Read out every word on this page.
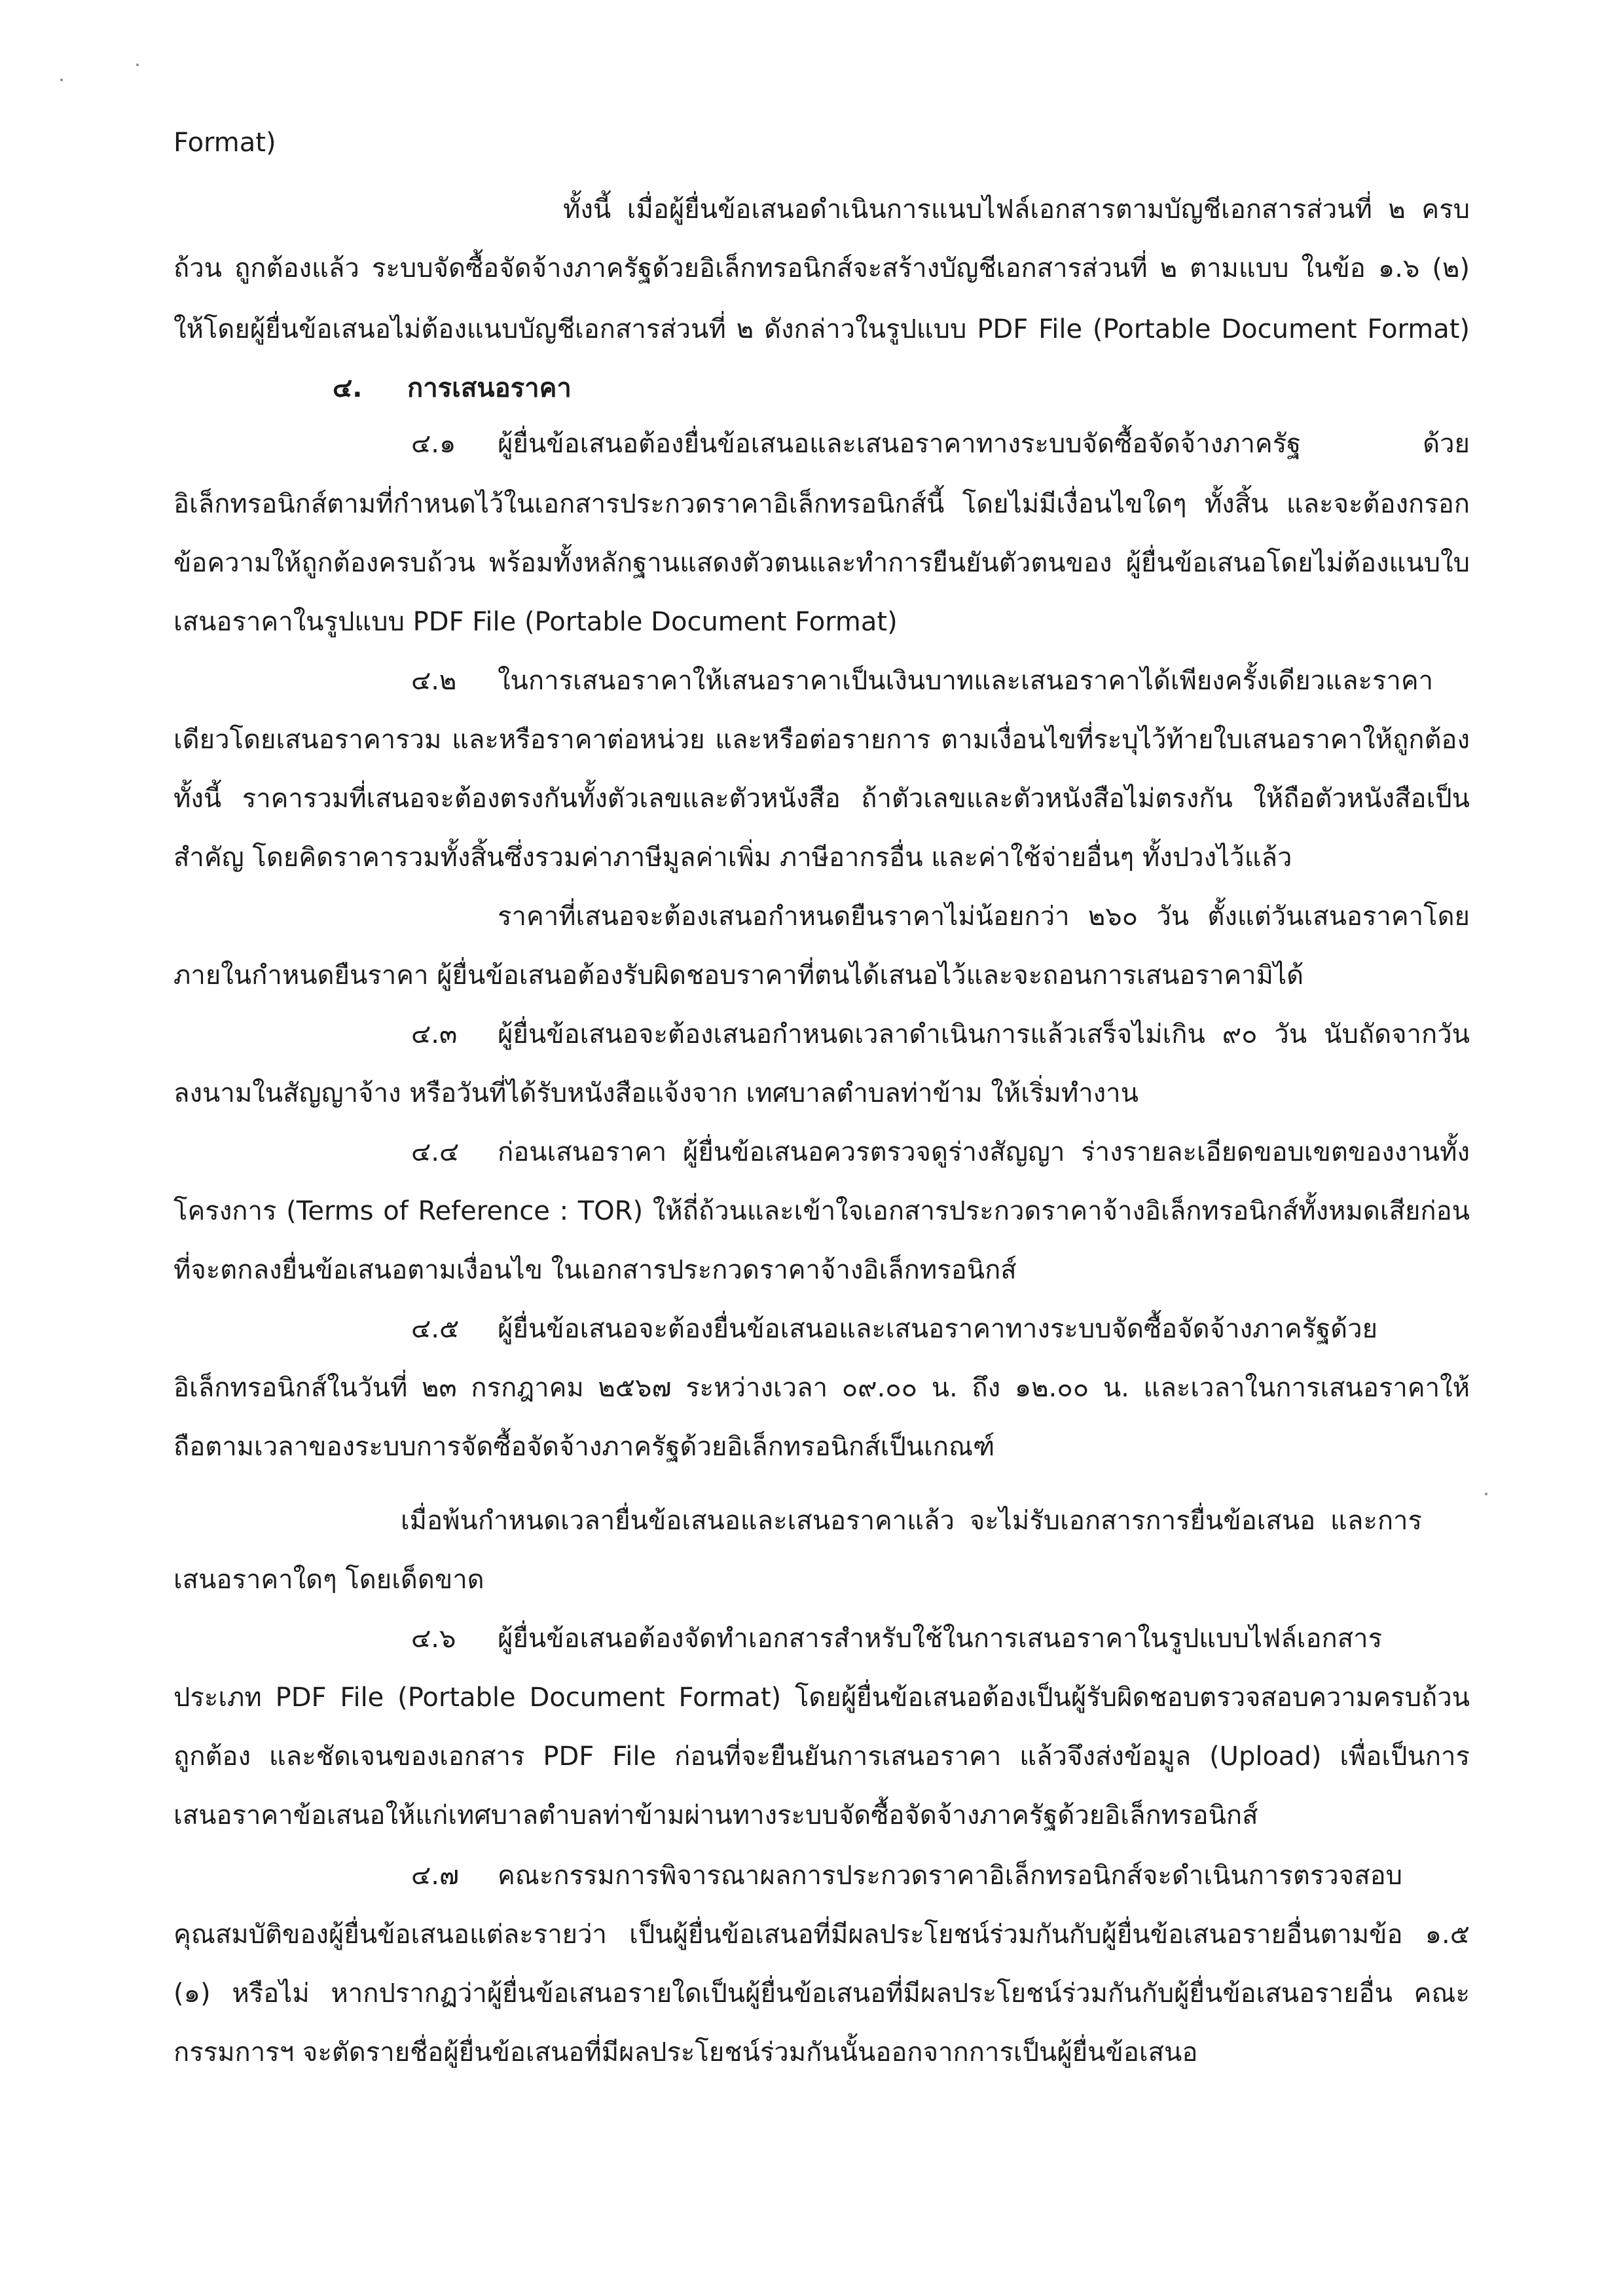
Format)
ทั้งนี้ เมื่อผู้ยื่นข้อเสนอดำเนินการแนบไฟล์เอกสารตามบัญชีเอกสารส่วนที่ ๒ ครบ
ถ้วน ถูกต้องแล้ว ระบบจัดซื้อจัดจ้างภาครัฐด้วยอิเล็กทรอนิกส์จะสร้างบัญชีเอกสารส่วนที่ ๒ ตามแบบ ในข้อ ๑.๖ (๒)
ให้โดยผู้ยื่นข้อเสนอไม่ต้องแนบบัญชีเอกสารส่วนที่ ๒ ดังกล่าวในรูปแบบ PDF File (Portable Document Format)
๔. การเสนอราคา
๔.๑ ผู้ยื่นข้อเสนอต้องยื่นข้อเสนอและเสนอราคาทางระบบจัดซื้อจัดจ้างภาครัฐ ด้วย
อิเล็กทรอนิกส์ตามที่กำหนดไว้ในเอกสารประกวดราคาอิเล็กทรอนิกส์นี้ โดยไม่มีเงื่อนไขใดๆ ทั้งสิ้น และจะต้องกรอก
ข้อความให้ถูกต้องครบถ้วน พร้อมทั้งหลักฐานแสดงตัวตนและทำการยืนยันตัวตนของ ผู้ยื่นข้อเสนอโดยไม่ต้องแนบใบ
เสนอราคาในรูปแบบ PDF File (Portable Document Format)
๔.๒ ในการเสนอราคาให้เสนอราคาเป็นเงินบาทและเสนอราคาได้เพียงครั้งเดียวและราคา
เดียวโดยเสนอราคารวม และหรือราคาต่อหน่วย และหรือต่อรายการ ตามเงื่อนไขที่ระบุไว้ท้ายใบเสนอราคาให้ถูกต้อง
ทั้งนี้ ราคารวมที่เสนอจะต้องตรงกันทั้งตัวเลขและตัวหนังสือ ถ้าตัวเลขและตัวหนังสือไม่ตรงกัน ให้ถือตัวหนังสือเป็น
สำคัญ โดยคิดราคารวมทั้งสิ้นซึ่งรวมค่าภาษีมูลค่าเพิ่ม ภาษีอากรอื่น และค่าใช้จ่ายอื่นๆ ทั้งปวงไว้แล้ว
ราคาที่เสนอจะต้องเสนอกำหนดยืนราคาไม่น้อยกว่า ๒๖๐ วัน ตั้งแต่วันเสนอราคาโดย
ภายในกำหนดยืนราคา ผู้ยื่นข้อเสนอต้องรับผิดชอบราคาที่ตนได้เสนอไว้และจะถอนการเสนอราคามิได้
๔.๓ ผู้ยื่นข้อเสนอจะต้องเสนอกำหนดเวลาดำเนินการแล้วเสร็จไม่เกิน ๙๐ วัน นับถัดจากวัน
ลงนามในสัญญาจ้าง หรือวันที่ได้รับหนังสือแจ้งจาก เทศบาลตำบลท่าข้าม ให้เริ่มทำงาน
๔.๔ ก่อนเสนอราคา ผู้ยื่นข้อเสนอควรตรวจดูร่างสัญญา ร่างรายละเอียดขอบเขตของงานทั้ง
โครงการ (Terms of Reference : TOR) ให้ถี่ถ้วนและเข้าใจเอกสารประกวดราคาจ้างอิเล็กทรอนิกส์ทั้งหมดเสียก่อน
ที่จะตกลงยื่นข้อเสนอตามเงื่อนไข ในเอกสารประกวดราคาจ้างอิเล็กทรอนิกส์
๔.๕ ผู้ยื่นข้อเสนอจะต้องยื่นข้อเสนอและเสนอราคาทางระบบจัดซื้อจัดจ้างภาครัฐด้วย
อิเล็กทรอนิกส์ในวันที่ ๒๓ กรกฎาคม ๒๕๖๗ ระหว่างเวลา ๐๙.๐๐ น. ถึง ๑๒.๐๐ น. และเวลาในการเสนอราคาให้
ถือตามเวลาของระบบการจัดซื้อจัดจ้างภาครัฐด้วยอิเล็กทรอนิกส์เป็นเกณฑ์
เมื่อพ้นกำหนดเวลายื่นข้อเสนอและเสนอราคาแล้ว จะไม่รับเอกสารการยื่นข้อเสนอ และการ
เสนอราคาใดๆ โดยเด็ดขาด
๔.๖ ผู้ยื่นข้อเสนอต้องจัดทำเอกสารสำหรับใช้ในการเสนอราคาในรูปแบบไฟล์เอกสาร
ประเภท PDF File (Portable Document Format) โดยผู้ยื่นข้อเสนอต้องเป็นผู้รับผิดชอบตรวจสอบความครบถ้วน
ถูกต้อง และชัดเจนของเอกสาร PDF File ก่อนที่จะยืนยันการเสนอราคา แล้วจึงส่งข้อมูล (Upload) เพื่อเป็นการ
เสนอราคาข้อเสนอให้แก่เทศบาลตำบลท่าข้ามผ่านทางระบบจัดซื้อจัดจ้างภาครัฐด้วยอิเล็กทรอนิกส์
๔.๗ คณะกรรมการพิจารณาผลการประกวดราคาอิเล็กทรอนิกส์จะดำเนินการตรวจสอบ
คุณสมบัติของผู้ยื่นข้อเสนอแต่ละรายว่า เป็นผู้ยื่นข้อเสนอที่มีผลประโยชน์ร่วมกันกับผู้ยื่นข้อเสนอรายอื่นตามข้อ ๑.๕
(๑) หรือไม่ หากปรากฏว่าผู้ยื่นข้อเสนอรายใดเป็นผู้ยื่นข้อเสนอที่มีผลประโยชน์ร่วมกันกับผู้ยื่นข้อเสนอรายอื่น คณะ
กรรมการฯ จะตัดรายชื่อผู้ยื่นข้อเสนอที่มีผลประโยชน์ร่วมกันนั้นออกจากการเป็นผู้ยื่นข้อเสนอ
